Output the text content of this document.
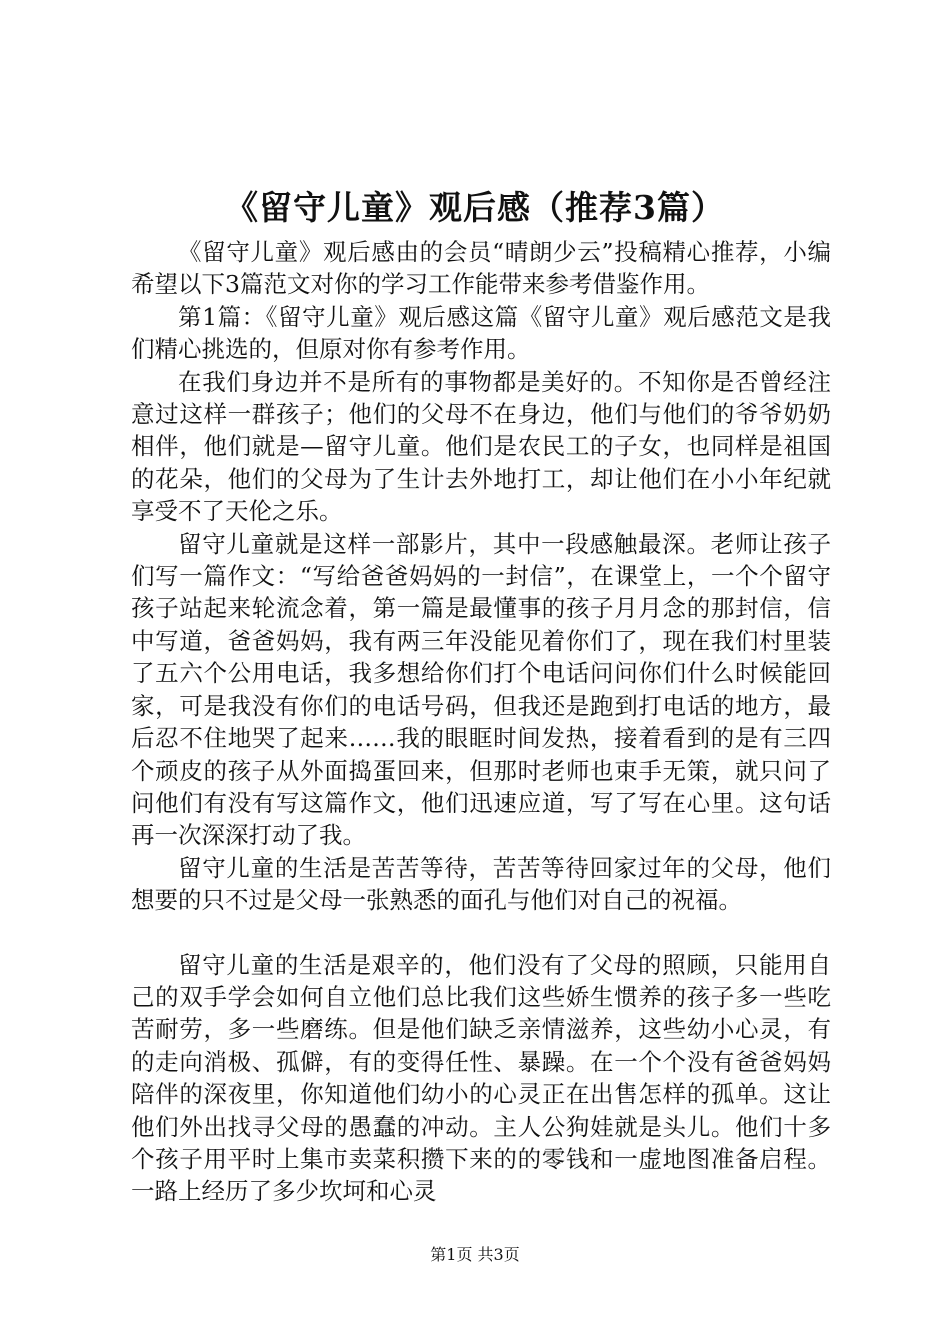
《留守儿童》观后感（推荐3篇）

《留守儿童》观后感由的会员“晴朗少云”投稿精心推荐，小编希望以下3篇范文对你的学习工作能带来参考借鉴作用。

第1篇：《留守儿童》观后感这篇《留守儿童》观后感范文是我们精心挑选的，但原对你有参考作用。

在我们身边并不是所有的事物都是美好的。不知你是否曾经注意过这样一群孩子；他们的父母不在身边，他们与他们的爷爷奶奶相伴，他们就是—留守儿童。他们是农民工的子女，也同样是祖国的花朵，他们的父母为了生计去外地打工，却让他们在小小年纪就享受不了天伦之乐。

留守儿童就是这样一部影片，其中一段感触最深。老师让孩子们写一篇作文：“写给爸爸妈妈的一封信”，在课堂上，一个个留守孩子站起来轮流念着，第一篇是最懂事的孩子月月念的那封信，信中写道，爸爸妈妈，我有两三年没能见着你们了，现在我们村里装了五六个公用电话，我多想给你们打个电话问问你们什么时候能回家，可是我没有你们的电话号码，但我还是跑到打电话的地方，最后忍不住地哭了起来……我的眼眶时间发热，接着看到的是有三四个顽皮的孩子从外面捣蛋回来，但那时老师也束手无策，就只问了问他们有没有写这篇作文，他们迅速应道，写了写在心里。这句话再一次深深打动了我。

留守儿童的生活是苦苦等待，苦苦等待回家过年的父母，他们想要的只不过是父母一张熟悉的面孔与他们对自己的祝福。

留守儿童的生活是艰辛的，他们没有了父母的照顾，只能用自己的双手学会如何自立他们总比我们这些娇生惯养的孩子多一些吃苦耐劳，多一些磨练。但是他们缺乏亲情滋养，这些幼小心灵，有的走向消极、孤僻，有的变得任性、暴躁。在一个个没有爸爸妈妈陪伴的深夜里，你知道他们幼小的心灵正在出售怎样的孤单。这让他们外出找寻父母的愚蠢的冲动。主人公狗娃就是头儿。他们十多个孩子用平时上集市卖菜积攒下来的的零钱和一虚地图准备启程。一路上经历了多少坎坷和心灵

第1页 共3页
